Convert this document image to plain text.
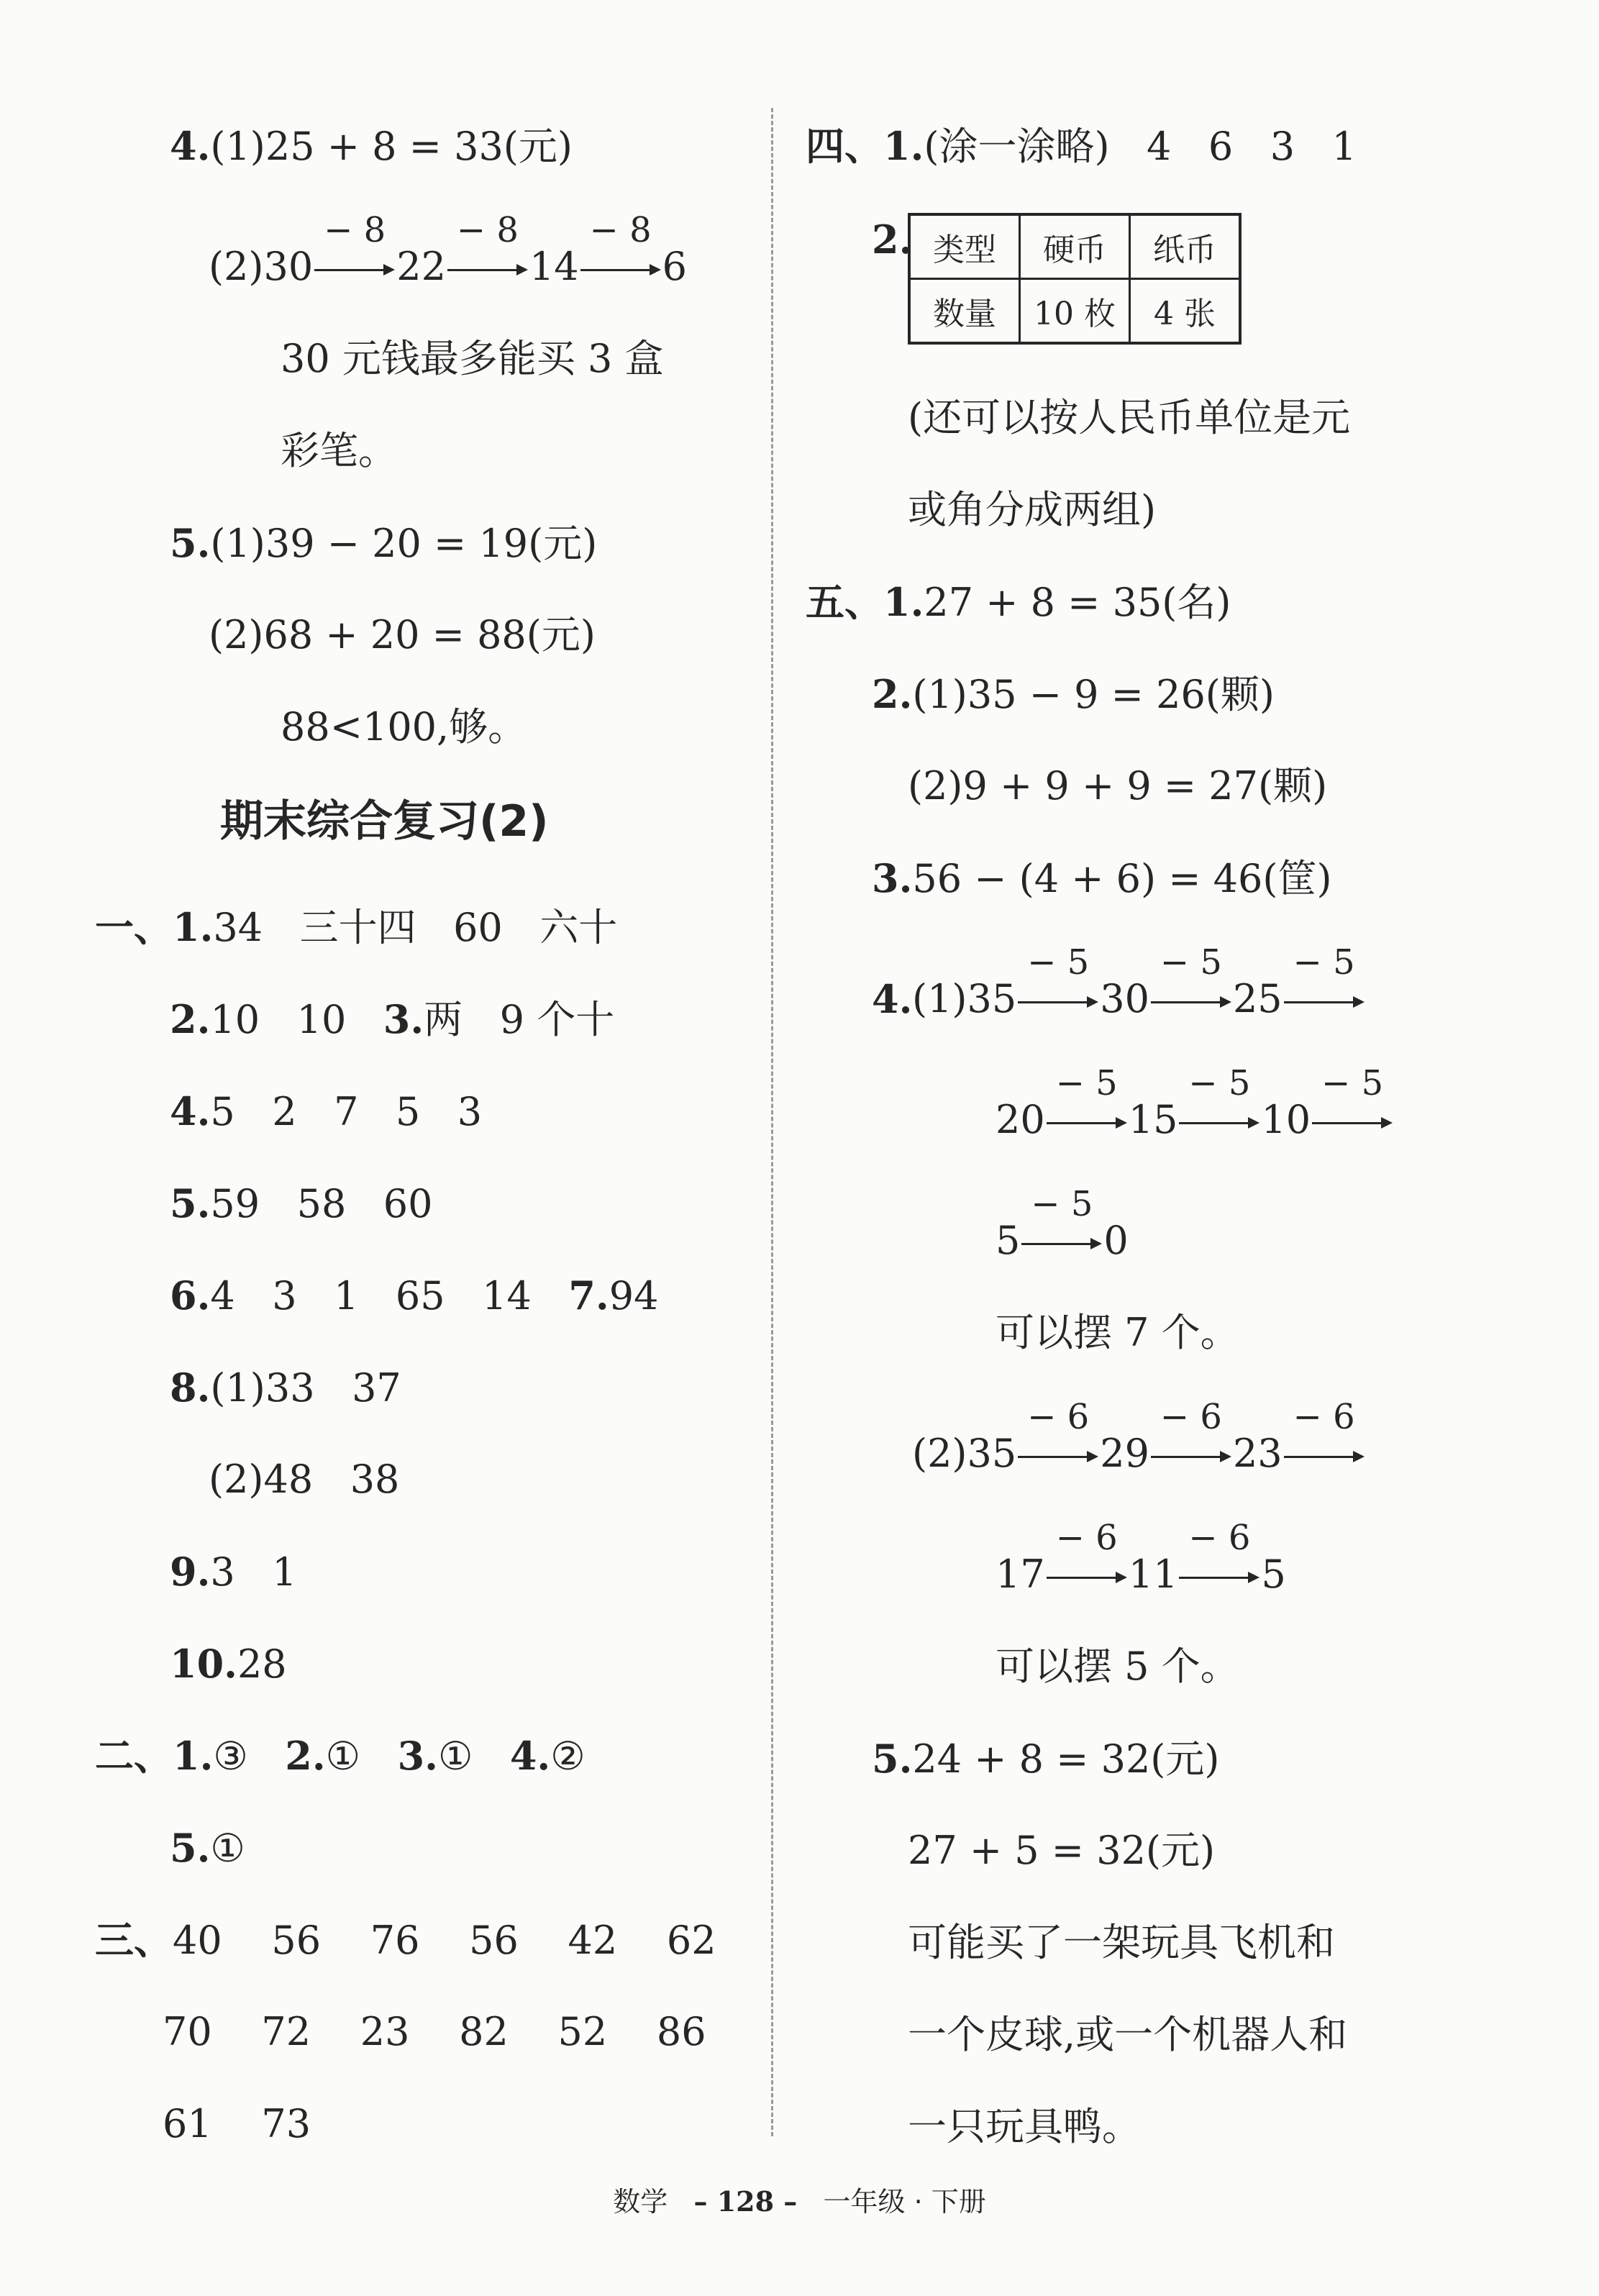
4.(1)25 + 8 = 33(元)
(2) 30
− 8
22
− 8
14
− 8
6
30 元钱最多能买 3 盒
彩笔。
5.(1)39 − 20 = 19(元)
(2)68 + 20 = 88(元)
88<100,够。
期末综合复习(2)
一、1.34   三十四   60   六十
2.10   10   3.两   9 个十
4.5   2   7   5   3
5.59   58   60
6.4   3   1   65   14   7.94
8.(1)33   37
(2)48   38
9.3   1
10.28
二、1.③   2.①   3.①   4.②
5.①
三、40    56    76    56    42    62
70    72    23    82    52    86
61    73
四、1.(涂一涂略)   4   6   3   1
2. 类型	硬币	纸币
数量	10 枚	4 张
(还可以按人民币单位是元
或角分成两组)
五、1.27 + 8 = 35(名)
2.(1)35 − 9 = 26(颗)
(2)9 + 9 + 9 = 27(颗)
3.56 − (4 + 6) = 46(筐)
4. (1) 35
− 5
30
− 5
25
− 5
20
− 5
15
− 5
10
− 5
5
− 5
0
可以摆 7 个。
(2) 35
− 6
29
− 6
23
− 6
17
− 6
11
− 6
5
可以摆 5 个。
5.24 + 8 = 32(元)
27 + 5 = 32(元)
可能买了一架玩具飞机和
一个皮球,或一个机器人和
一只玩具鸭。
数学 – 128 – 一年级 · 下册
